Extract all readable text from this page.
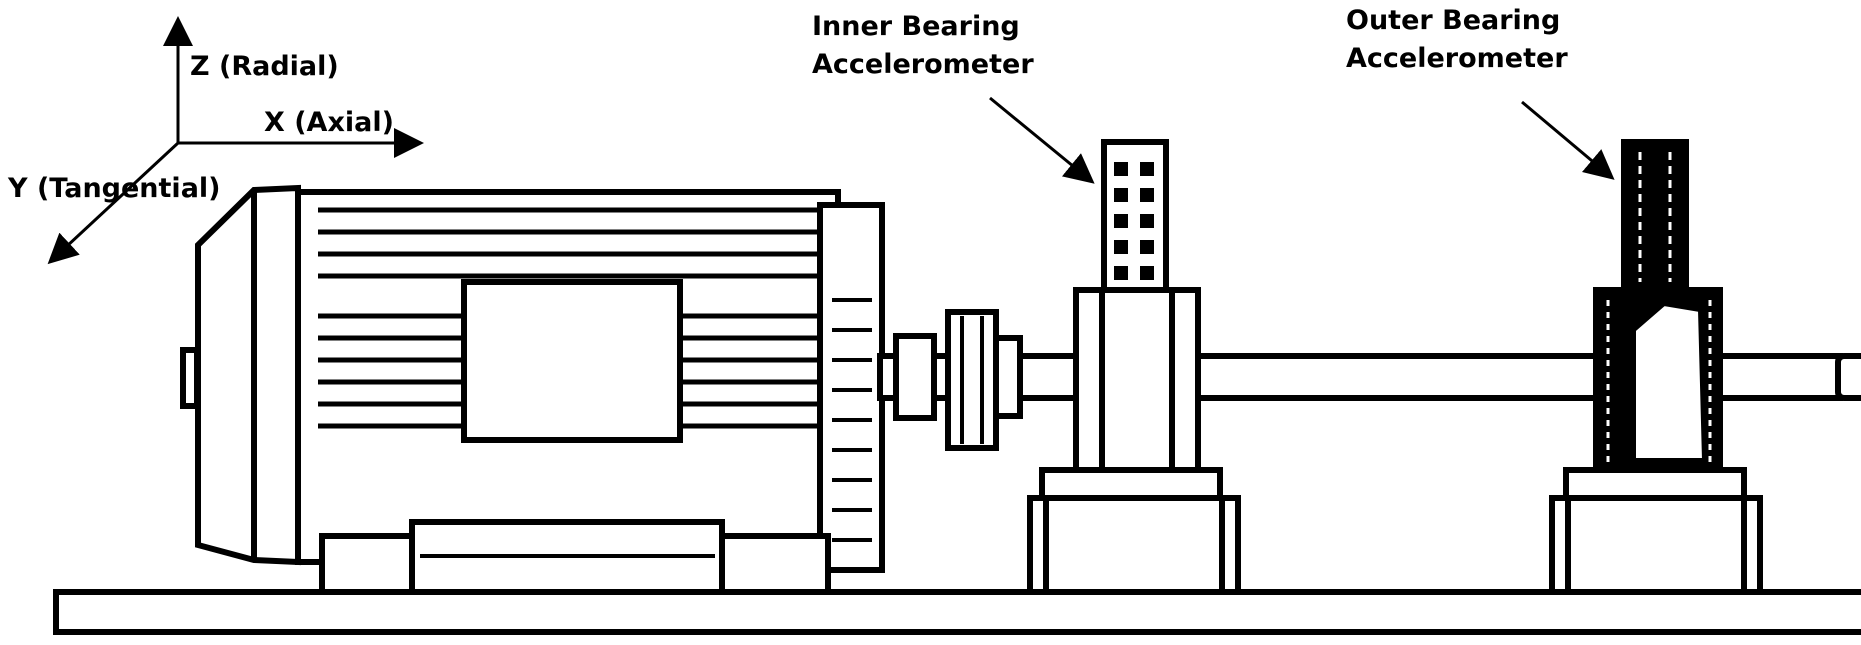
Z (Radial)
X (Axial)
Y (Tangential)
Inner Bearing
Accelerometer
Outer Bearing
Accelerometer
